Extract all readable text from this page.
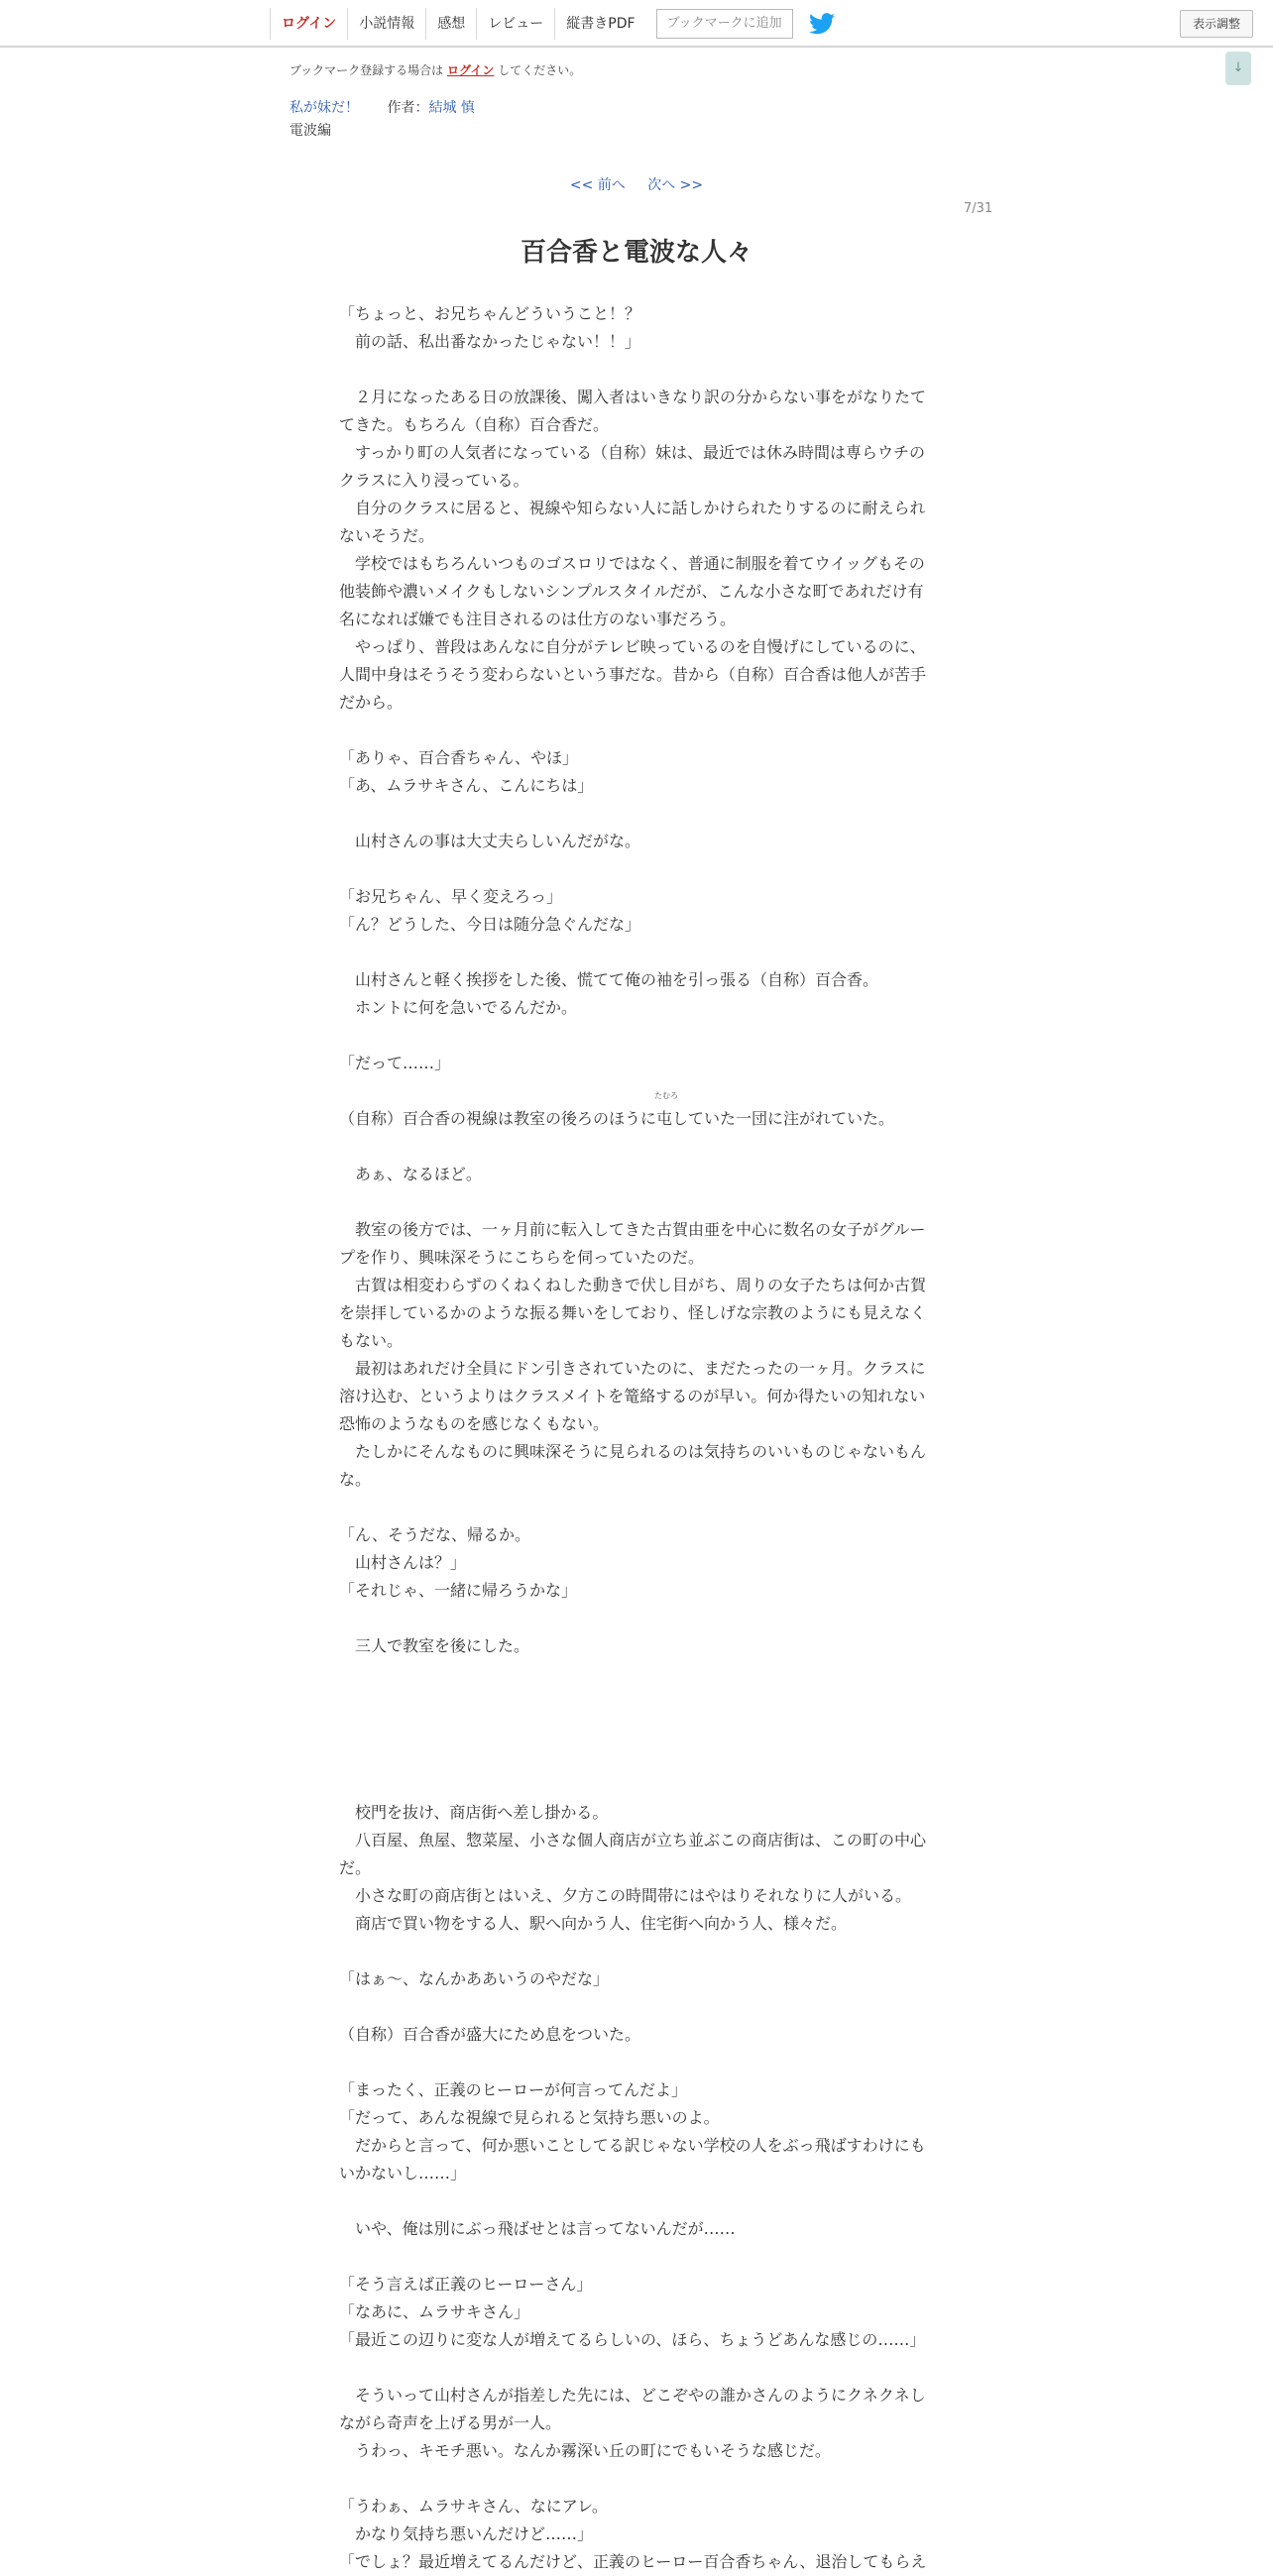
ログイン	小説情報	感想	レビュー	縦書きPDF	ブックマークに追加	表示調整
↓
ブックマーク登録する場合は ログイン してください。
私が妹だ！ 作者：結城 慎
電波編
<< 前へ 次へ >>
7/31
百合香と電波な人々
「ちょっと、お兄ちゃんどういうこと！？
　前の話、私出番なかったじゃない！！」
　２月になったある日の放課後、闖入者はいきなり訳の分からない事をがなりたて
てきた。もちろん（自称）百合香だ。
　すっかり町の人気者になっている（自称）妹は、最近では休み時間は専らウチの
クラスに入り浸っている。
　自分のクラスに居ると、視線や知らない人に話しかけられたりするのに耐えられ
ないそうだ。
　学校ではもちろんいつものゴスロリではなく、普通に制服を着てウイッグもその
他装飾や濃いメイクもしないシンプルスタイルだが、こんな小さな町であれだけ有
名になれば嫌でも注目されるのは仕方のない事だろう。
　やっぱり、普段はあんなに自分がテレビ映っているのを自慢げにしているのに、
人間中身はそうそう変わらないという事だな。昔から（自称）百合香は他人が苦手
だから。
「ありゃ、百合香ちゃん、やほ」
「あ、ムラサキさん、こんにちは」
　山村さんの事は大丈夫らしいんだがな。
「お兄ちゃん、早く変えろっ」
「ん？どうした、今日は随分急ぐんだな」
　山村さんと軽く挨拶をした後、慌てて俺の袖を引っ張る（自称）百合香。
　ホントに何を急いでるんだか。
「だって……」
（自称）百合香の視線は教室の後ろのほうに
たむろ
屯していた一団に注がれていた。
　あぁ、なるほど。
　教室の後方では、一ヶ月前に転入してきた古賀由亜を中心に数名の女子がグルー
プを作り、興味深そうにこちらを伺っていたのだ。
　古賀は相変わらずのくねくねした動きで伏し目がち、周りの女子たちは何か古賀
を崇拝しているかのような振る舞いをしており、怪しげな宗教のようにも見えなく
もない。
　最初はあれだけ全員にドン引きされていたのに、まだたったの一ヶ月。クラスに
溶け込む、というよりはクラスメイトを篭絡するのが早い。何か得たいの知れない
恐怖のようなものを感じなくもない。
　たしかにそんなものに興味深そうに見られるのは気持ちのいいものじゃないもん
な。
「ん、そうだな、帰るか。
　山村さんは？」
「それじゃ、一緒に帰ろうかな」
　三人で教室を後にした。
　校門を抜け、商店街へ差し掛かる。
　八百屋、魚屋、惣菜屋、小さな個人商店が立ち並ぶこの商店街は、この町の中心
だ。
　小さな町の商店街とはいえ、夕方この時間帯にはやはりそれなりに人がいる。
　商店で買い物をする人、駅へ向かう人、住宅街へ向かう人、様々だ。
「はぁ～、なんかああいうのやだな」
（自称）百合香が盛大にため息をついた。
「まったく、正義のヒーローが何言ってんだよ」
「だって、あんな視線で見られると気持ち悪いのよ。
　だからと言って、何か悪いことしてる訳じゃない学校の人をぶっ飛ばすわけにも
いかないし……」
　いや、俺は別にぶっ飛ばせとは言ってないんだが……
「そう言えば正義のヒーローさん」
「なあに、ムラサキさん」
「最近この辺りに変な人が増えてるらしいの、ほら、ちょうどあんな感じの……」
　そういって山村さんが指差した先には、どこぞやの誰かさんのようにクネクネし
ながら奇声を上げる男が一人。
　うわっ、キモチ悪い。なんか霧深い丘の町にでもいそうな感じだ。
「うわぁ、ムラサキさん、なにアレ。
　かなり気持ち悪いんだけど……」
「でしょ？最近増えてるんだけど、正義のヒーロー百合香ちゃん、退治してもらえ
